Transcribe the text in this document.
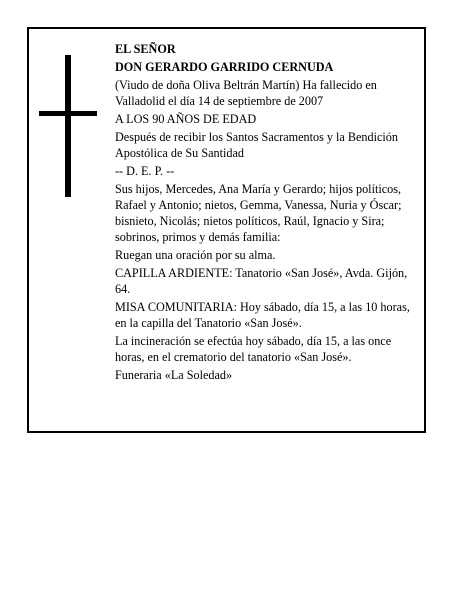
EL SEÑOR

DON GERARDO GARRIDO CERNUDA

(Viudo de doña Oliva Beltrán Martín) Ha fallecido en Valladolid el día 14 de septiembre de 2007

A LOS 90 AÑOS DE EDAD

Después de recibir los Santos Sacramentos y la Bendición Apostólica de Su Santidad

-- D. E. P. --

Sus hijos, Mercedes, Ana María y Gerardo; hijos políticos, Rafael y Antonio; nietos, Gemma, Vanessa, Nuria y Óscar; bisnieto, Nicolás; nietos políticos, Raúl, Ignacio y Sira; sobrinos, primos y demás familia:

Ruegan una oración por su alma.

CAPILLA ARDIENTE: Tanatorio «San José», Avda. Gijón, 64.

MISA COMUNITARIA: Hoy sábado, día 15, a las 10 horas, en la capilla del Tanatorio «San José».

La incineración se efectúa hoy sábado, día 15, a las once horas, en el crematorio del tanatorio «San José».

Funeraria «La Soledad»
